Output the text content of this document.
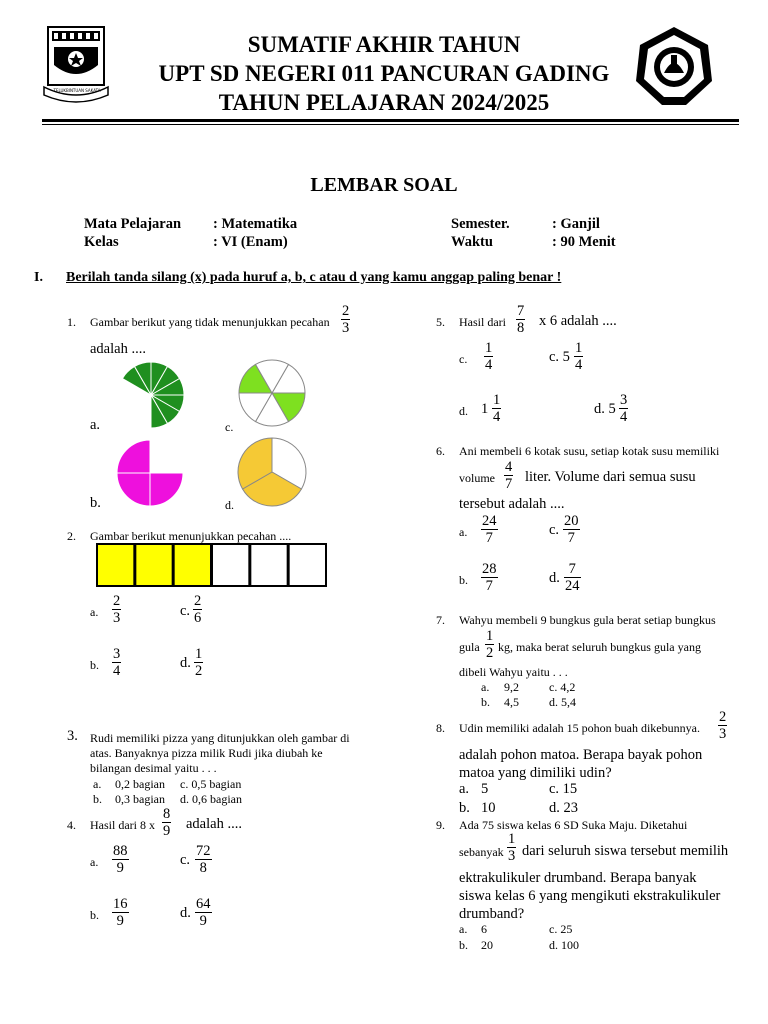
TELUKBINTUAN SAKATA
SUMATIF AKHIR TAHUN
UPT SD NEGERI 011 PANCURAN GADING
TAHUN PELAJARAN 2024/2025
LEMBAR SOAL
Mata Pelajaran : Matematika
Kelas	: VI (Enam)
Semester.	: Ganjil
Waktu	: 90 Menit
I. Berilah tanda silang (x) pada huruf a, b, c atau d yang kamu anggap paling benar !
1. Gambar berikut yang tidak menunjukkan pecahan $\frac{2}{3}$
adalah ....
a.	c.
b.	d.
2. Gambar berikut menunjukkan pecahan ....
a. $\frac{2}{3}$	c. $\frac{2}{6}$
b. $\frac{3}{4}$	d. $\frac{1}{2}$
3. Rudi memiliki pizza yang ditunjukkan oleh gambar di
atas. Banyaknya pizza milik Rudi jika diubah ke
bilangan desimal yaitu . . .
a. 0,2 bagian c. 0,5 bagian
b. 0,3 bagian d. 0,6 bagian
4. Hasil dari 8 x $\frac{8}{9}$ adalah ....
a. $\frac{88}{9}$	c. $\frac{72}{8}$
b. $\frac{16}{9}$	d. $\frac{64}{9}$
5. Hasil dari $\frac{7}{8}$ x 6 adalah ....
c. $\frac{1}{4}$	c. $5 \frac{1}{4}$
d. $1 \frac{1}{4}$	d. $5 \frac{3}{4}$
6. Ani membeli 6 kotak susu, setiap kotak susu memiliki
volume $\frac{4}{7}$ liter. Volume dari semua susu
tersebut adalah ....
a. $\frac{24}{7}$	c. $\frac{20}{7}$
b. $\frac{28}{7}$	d. $\frac{7}{24}$
7. Wahyu membeli 9 bungkus gula berat setiap bungkus
gula $\frac{1}{2}$ kg, maka berat seluruh bungkus gula yang
dibeli Wahyu yaitu . . .
a. 9,2	c. 4,2
b. 4,5	d. 5,4
8. Udin memiliki adalah 15 pohon buah dikebunnya. $\frac{2}{3}$
adalah pohon matoa. Berapa bayak pohon
matoa yang dimiliki udin?
a. 5	c. 15
b. 10	d. 23
9. Ada 75 siswa kelas 6 SD Suka Maju. Diketahui
sebanyak $\frac{1}{3}$ dari seluruh siswa tersebut memilih
ektrakulikuler drumband. Berapa banyak
siswa kelas 6 yang mengikuti ekstrakulikuler
drumband?
a. 6	c. 25
b. 20	d. 100
